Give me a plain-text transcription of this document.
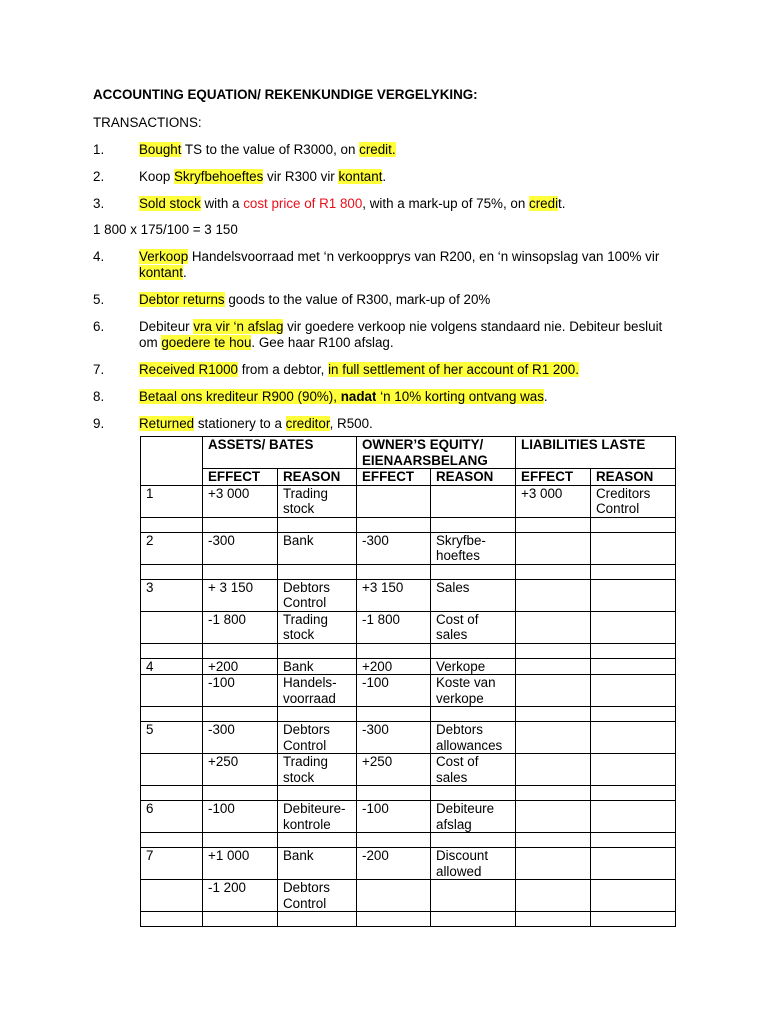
ACCOUNTING EQUATION/ REKENKUNDIGE VERGELYKING:

TRANSACTIONS:

1.	Bought TS to the value of R3000, on credit.
2.	Koop Skryfbehoeftes vir R300 vir kontant.
3.	Sold stock with a cost price of R1 800, with a mark-up of 75%, on credit.

1 800 x 175/100 = 3 150

4.	Verkoop Handelsvoorraad met ‘n verkoopprys van R200, en ‘n winsopslag van 100% vir kontant.
5.	Debtor returns goods to the value of R300, mark-up of 20%
6.	Debiteur vra vir ‘n afslag vir goedere verkoop nie volgens standaard nie. Debiteur besluit om goedere te hou. Gee haar R100 afslag.
7.	Received R1000 from a debtor, in full settlement of her account of R1 200.
8.	Betaal ons krediteur R900 (90%), nadat ‘n 10% korting ontvang was.
9.	Returned stationery to a creditor, R500.
	ASSETS/ BATES		OWNER’S EQUITY/ EIENAARSBELANG		LIABILITIES LASTE	
	EFFECT	REASON	EFFECT	REASON	EFFECT	REASON
1	+3 000	Trading stock			+3 000	Creditors Control

2	-300	Bank	-300	Skryfbe-hoeftes		

3	+ 3 150	Debtors Control	+3 150	Sales		
	-1 800	Trading stock	-1 800	Cost of sales		

4	+200	Bank	+200	Verkope		
	-100	Handels-voorraad	-100	Koste van verkope		

5	-300	Debtors Control	-300	Debtors allowances		
	+250	Trading stock	+250	Cost of sales		

6	-100	Debiteure-kontrole	-100	Debiteure afslag		

7	+1 000	Bank	-200	Discount allowed		
	-1 200	Debtors Control				
